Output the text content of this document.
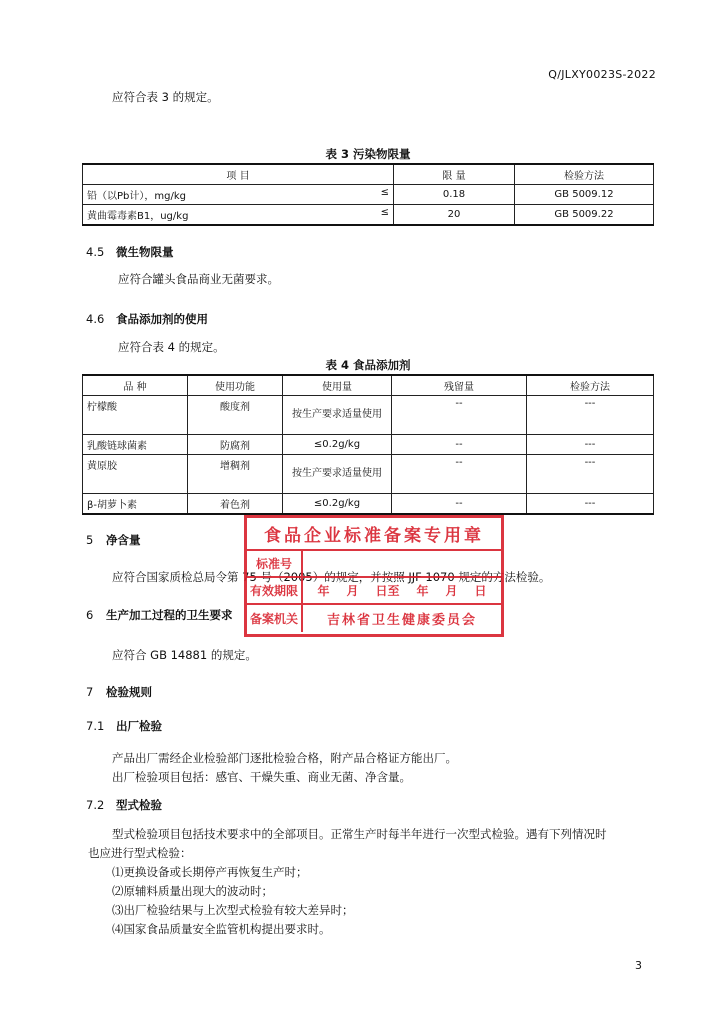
Q/JLXY0023S-2022
应符合表 3 的规定。
表 3 污染物限量
项 目	限 量	检验方法
铅（以Pb计），mg/kg ≤	0.18	GB 5009.12
黄曲霉毒素B1，ug/kg ≤	20	GB 5009.22
4.5 微生物限量
应符合罐头食品商业无菌要求。
4.6 食品添加剂的使用
应符合表 4 的规定。
表 4 食品添加剂
品 种	使用功能	使用量	残留量	检验方法
柠檬酸	酸度剂	按生产要求适量使用	--	---
乳酸链球菌素	防腐剂	≤0.2g/kg	--	---
黄原胶	增稠剂	按生产要求适量使用	--	---
β-胡萝卜素	着色剂	≤0.2g/kg	--	---
5 净含量
应符合国家质检总局令第 75 号（2005）的规定，并按照 JJF 1070 规定的方法检验。
6 生产加工过程的卫生要求
应符合 GB 14881 的规定。
7 检验规则
7.1 出厂检验
产品出厂需经企业检验部门逐批检验合格，附产品合格证方能出厂。
出厂检验项目包括：感官、干燥失重、商业无菌、净含量。
7.2 型式检验
型式检验项目包括技术要求中的全部项目。正常生产时每半年进行一次型式检验。遇有下列情况时
也应进行型式检验：
⑴更换设备或长期停产再恢复生产时；
⑵原辅料质量出现大的波动时；
⑶出厂检验结果与上次型式检验有较大差异时；
⑷国家食品质量安全监管机构提出要求时。
食品企业标准备案专用章
标准号
有效期限	年 月 日至 年 月 日
备案机关	吉林省卫生健康委员会
3
